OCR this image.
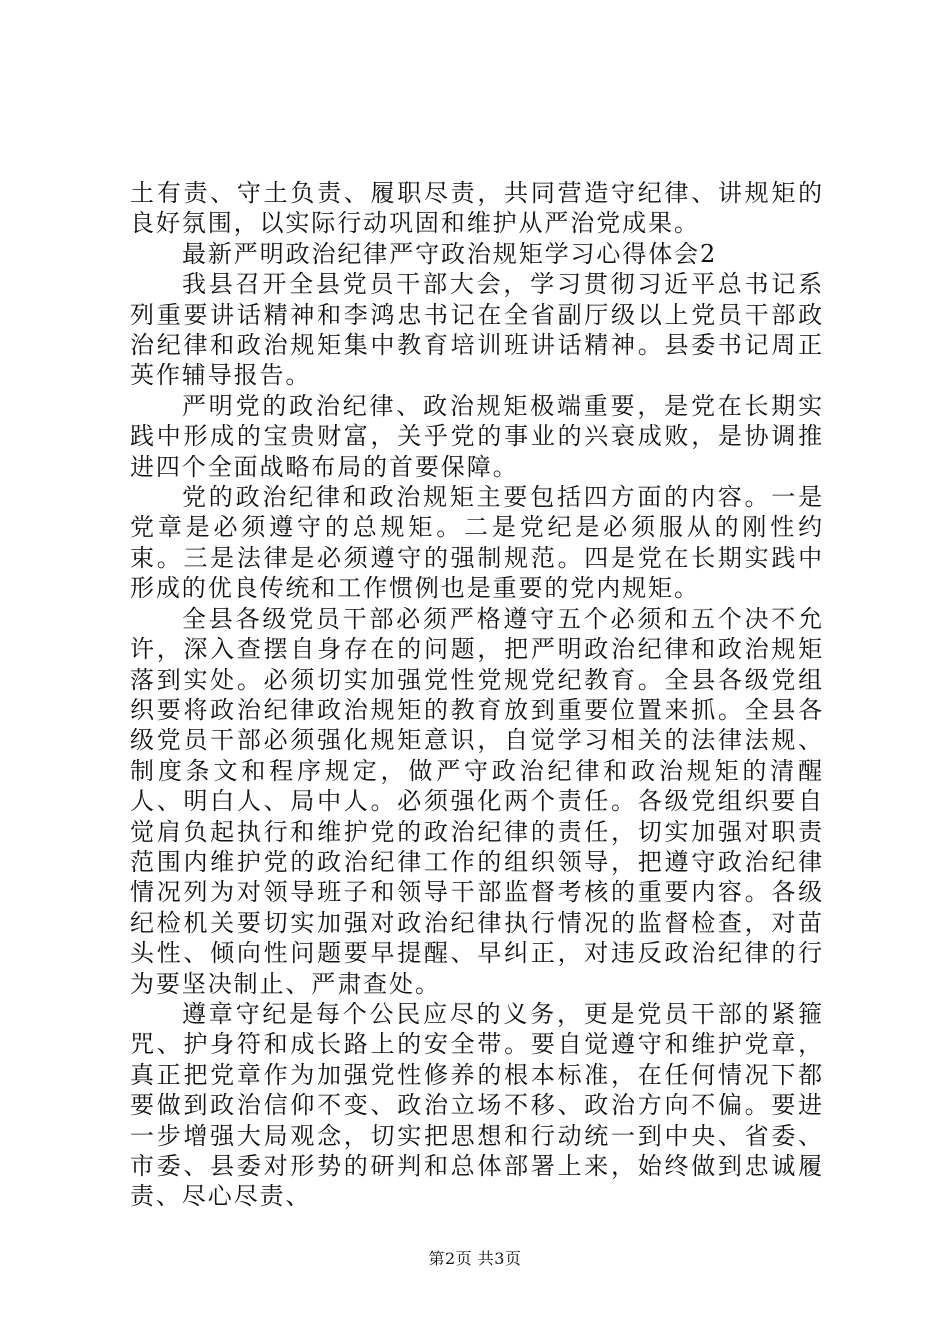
土有责、守土负责、履职尽责，共同营造守纪律、讲规矩的良好氛围，以实际行动巩固和维护从严治党成果。

最新严明政治纪律严守政治规矩学习心得体会2

我县召开全县党员干部大会，学习贯彻习近平总书记系列重要讲话精神和李鸿忠书记在全省副厅级以上党员干部政治纪律和政治规矩集中教育培训班讲话精神。县委书记周正英作辅导报告。

严明党的政治纪律、政治规矩极端重要，是党在长期实践中形成的宝贵财富，关乎党的事业的兴衰成败，是协调推进四个全面战略布局的首要保障。

党的政治纪律和政治规矩主要包括四方面的内容。一是党章是必须遵守的总规矩。二是党纪是必须服从的刚性约束。三是法律是必须遵守的强制规范。四是党在长期实践中形成的优良传统和工作惯例也是重要的党内规矩。

全县各级党员干部必须严格遵守五个必须和五个决不允许，深入查摆自身存在的问题，把严明政治纪律和政治规矩落到实处。必须切实加强党性党规党纪教育。全县各级党组织要将政治纪律政治规矩的教育放到重要位置来抓。全县各级党员干部必须强化规矩意识，自觉学习相关的法律法规、制度条文和程序规定，做严守政治纪律和政治规矩的清醒人、明白人、局中人。必须强化两个责任。各级党组织要自觉肩负起执行和维护党的政治纪律的责任，切实加强对职责范围内维护党的政治纪律工作的组织领导，把遵守政治纪律情况列为对领导班子和领导干部监督考核的重要内容。各级纪检机关要切实加强对政治纪律执行情况的监督检查，对苗头性、倾向性问题要早提醒、早纠正，对违反政治纪律的行为要坚决制止、严肃查处。

遵章守纪是每个公民应尽的义务，更是党员干部的紧箍咒、护身符和成长路上的安全带。要自觉遵守和维护党章，真正把党章作为加强党性修养的根本标准，在任何情况下都要做到政治信仰不变、政治立场不移、政治方向不偏。要进一步增强大局观念，切实把思想和行动统一到中央、省委、市委、县委对形势的研判和总体部署上来，始终做到忠诚履责、尽心尽责、

第2页 共3页
